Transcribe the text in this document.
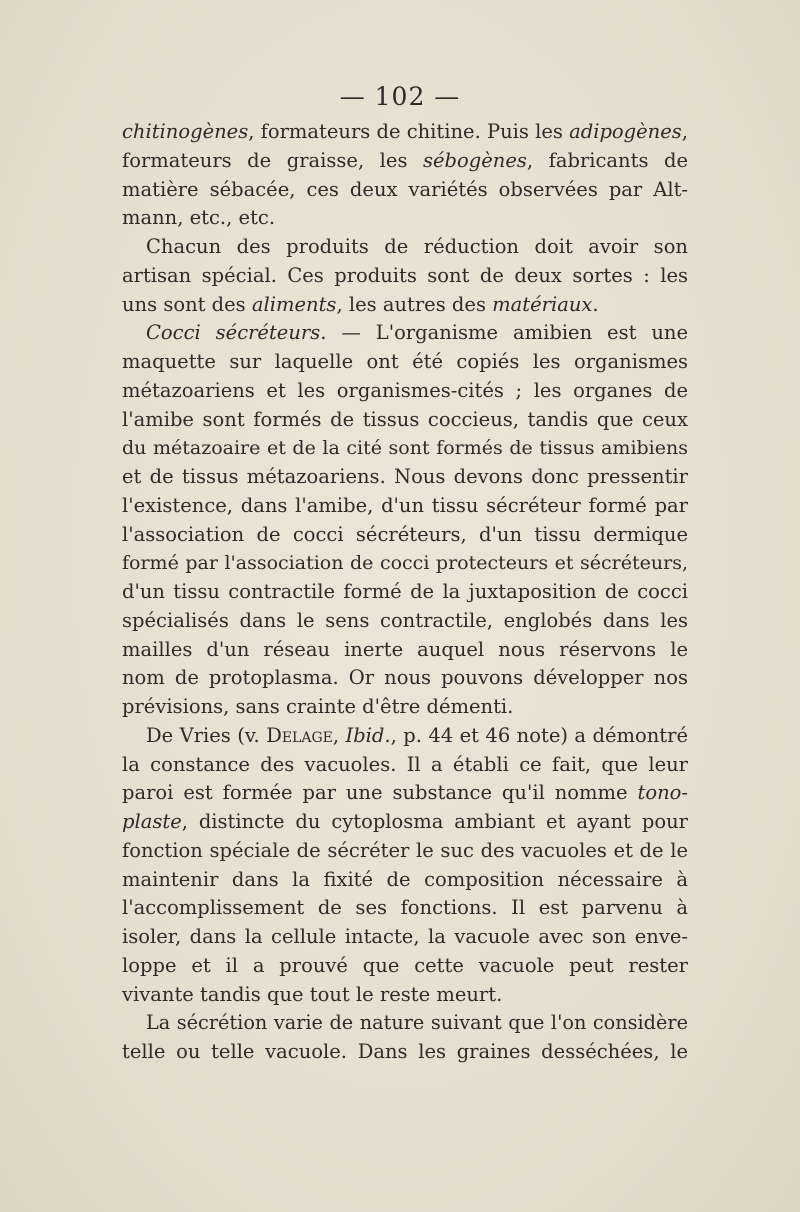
— 102 —
chitinogènes, formateurs de chitine. Puis les adipogènes,
formateurs de graisse, les sébogènes, fabricants de
matière sébacée, ces deux variétés observées par Alt-
mann, etc., etc.
Chacun des produits de réduction doit avoir son
artisan spécial. Ces produits sont de deux sortes : les
uns sont des aliments, les autres des matériaux.
Cocci sécréteurs. — L'organisme amibien est une
maquette sur laquelle ont été copiés les organismes
métazoariens et les organismes-cités ; les organes de
l'amibe sont formés de tissus coccieus, tandis que ceux
du métazoaire et de la cité sont formés de tissus amibiens
et de tissus métazoariens. Nous devons donc pressentir
l'existence, dans l'amibe, d'un tissu sécréteur formé par
l'association de cocci sécréteurs, d'un tissu dermique
formé par l'association de cocci protecteurs et sécréteurs,
d'un tissu contractile formé de la juxtaposition de cocci
spécialisés dans le sens contractile, englobés dans les
mailles d'un réseau inerte auquel nous réservons le
nom de protoplasma. Or nous pouvons développer nos
prévisions, sans crainte d'être démenti.
De Vries (v. Delage, Ibid., p. 44 et 46 note) a démontré
la constance des vacuoles. Il a établi ce fait, que leur
paroi est formée par une substance qu'il nomme tono-
plaste, distincte du cytoplosma ambiant et ayant pour
fonction spéciale de sécréter le suc des vacuoles et de le
maintenir dans la fixité de composition nécessaire à
l'accomplissement de ses fonctions. Il est parvenu à
isoler, dans la cellule intacte, la vacuole avec son enve-
loppe et il a prouvé que cette vacuole peut rester
vivante tandis que tout le reste meurt.
La sécrétion varie de nature suivant que l'on considère
telle ou telle vacuole. Dans les graines desséchées, le
